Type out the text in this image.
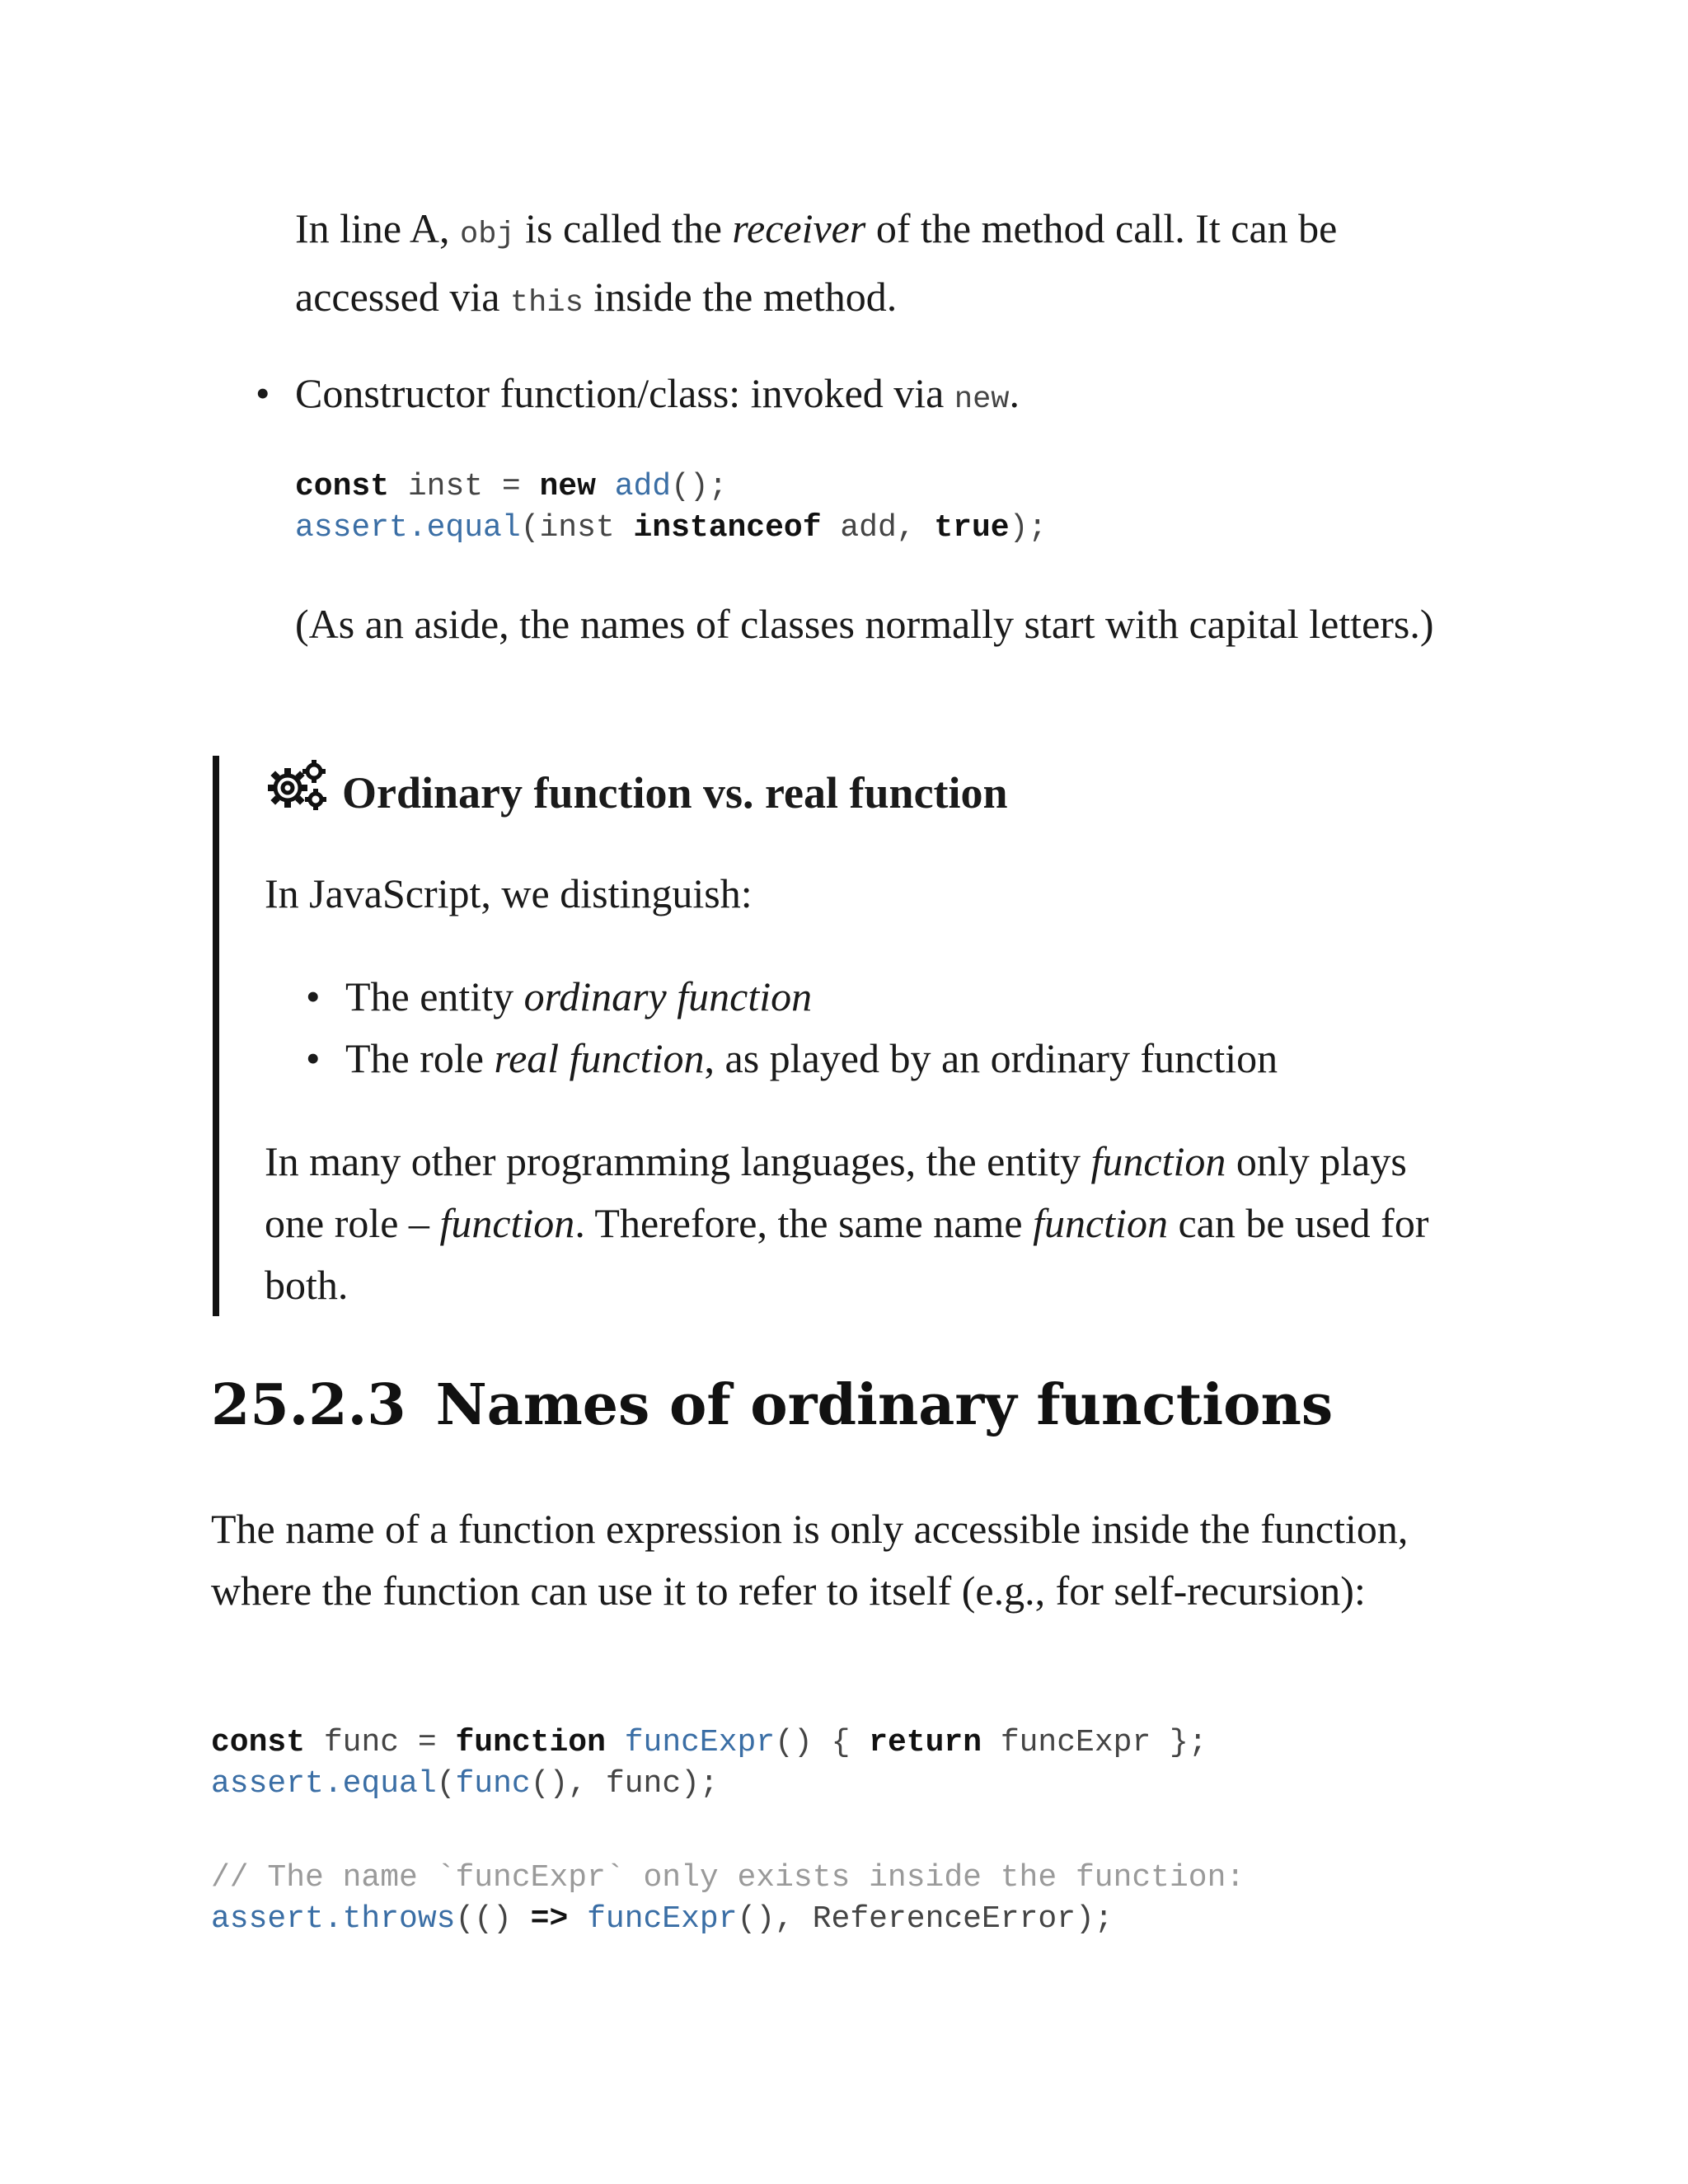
In line A, obj is called the receiver of the method call. It can be accessed via this inside the method.

• Constructor function/class: invoked via new.
const inst = new add();
assert.equal(inst instanceof add, true);

(As an aside, the names of classes normally start with capital letters.)

Ordinary function vs. real function

In JavaScript, we distinguish:

• The entity ordinary function
• The role real function, as played by an ordinary function

In many other programming languages, the entity function only plays one role – function. Therefore, the same name function can be used for both.

25.2.3 Names of ordinary functions

The name of a function expression is only accessible inside the function, where the function can use it to refer to itself (e.g., for self-recursion):

const func = function funcExpr() { return funcExpr };
assert.equal(func(), func);
// The name `funcExpr` only exists inside the function:
assert.throws(() => funcExpr(), ReferenceError);
